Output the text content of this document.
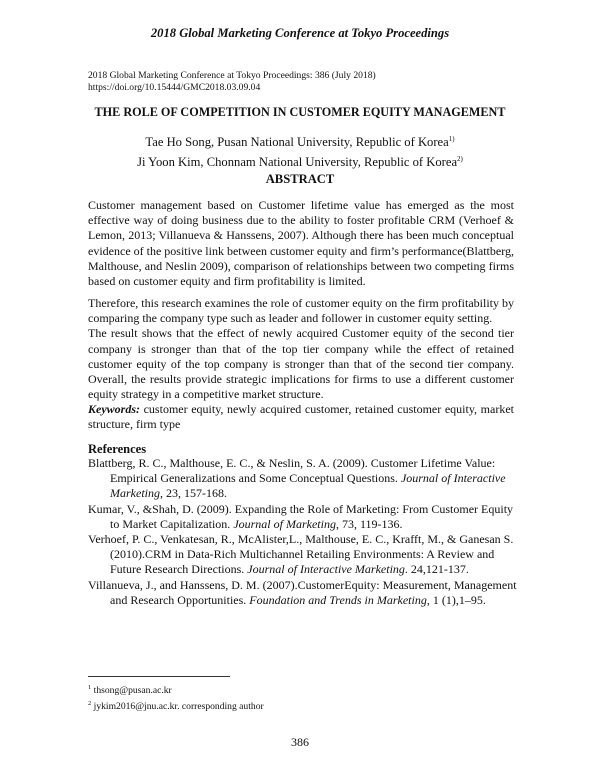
2018 Global Marketing Conference at Tokyo Proceedings
2018 Global Marketing Conference at Tokyo Proceedings: 386 (July 2018)
https://doi.org/10.15444/GMC2018.03.09.04
THE ROLE OF COMPETITION IN CUSTOMER EQUITY MANAGEMENT
Tae Ho Song, Pusan National University, Republic of Korea$^{1)}$
Ji Yoon Kim, Chonnam National University, Republic of Korea$^{2)}$
ABSTRACT

Customer management based on Customer lifetime value has emerged as the most effective way of doing business due to the ability to foster profitable CRM (Verhoef & Lemon, 2013; Villanueva & Hanssens, 2007). Although there has been much conceptual evidence of the positive link between customer equity and firm’s performance(Blattberg, Malthouse, and Neslin 2009), comparison of relationships between two competing firms based on customer equity and firm profitability is limited.

Therefore, this research examines the role of customer equity on the firm profitability by comparing the company type such as leader and follower in customer equity setting.

The result shows that the effect of newly acquired Customer equity of the second tier company is stronger than that of the top tier company while the effect of retained customer equity of the top company is stronger than that of the second tier company. Overall, the results provide strategic implications for firms to use a different customer equity strategy in a competitive market structure.

Keywords: customer equity, newly acquired customer, retained customer equity, market structure, firm type
References

Blattberg, R. C., Malthouse, E. C., & Neslin, S. A. (2009). Customer Lifetime Value: Empirical Generalizations and Some Conceptual Questions. Journal of Interactive Marketing, 23, 157-168.

Kumar, V., &Shah, D. (2009). Expanding the Role of Marketing: From Customer Equity to Market Capitalization. Journal of Marketing, 73, 119-136.

Verhoef, P. C., Venkatesan, R., McAlister,L., Malthouse, E. C., Krafft, M., & Ganesan S. (2010).CRM in Data-Rich Multichannel Retailing Environments: A Review and Future Research Directions. Journal of Interactive Marketing. 24,121-137.

Villanueva, J., and Hanssens, D. M. (2007).CustomerEquity: Measurement, Management and Research Opportunities. Foundation and Trends in Marketing, 1 (1),1–95.

$^1$ thsong@pusan.ac.kr
$^2$ jykim2016@jnu.ac.kr. corresponding author
386
